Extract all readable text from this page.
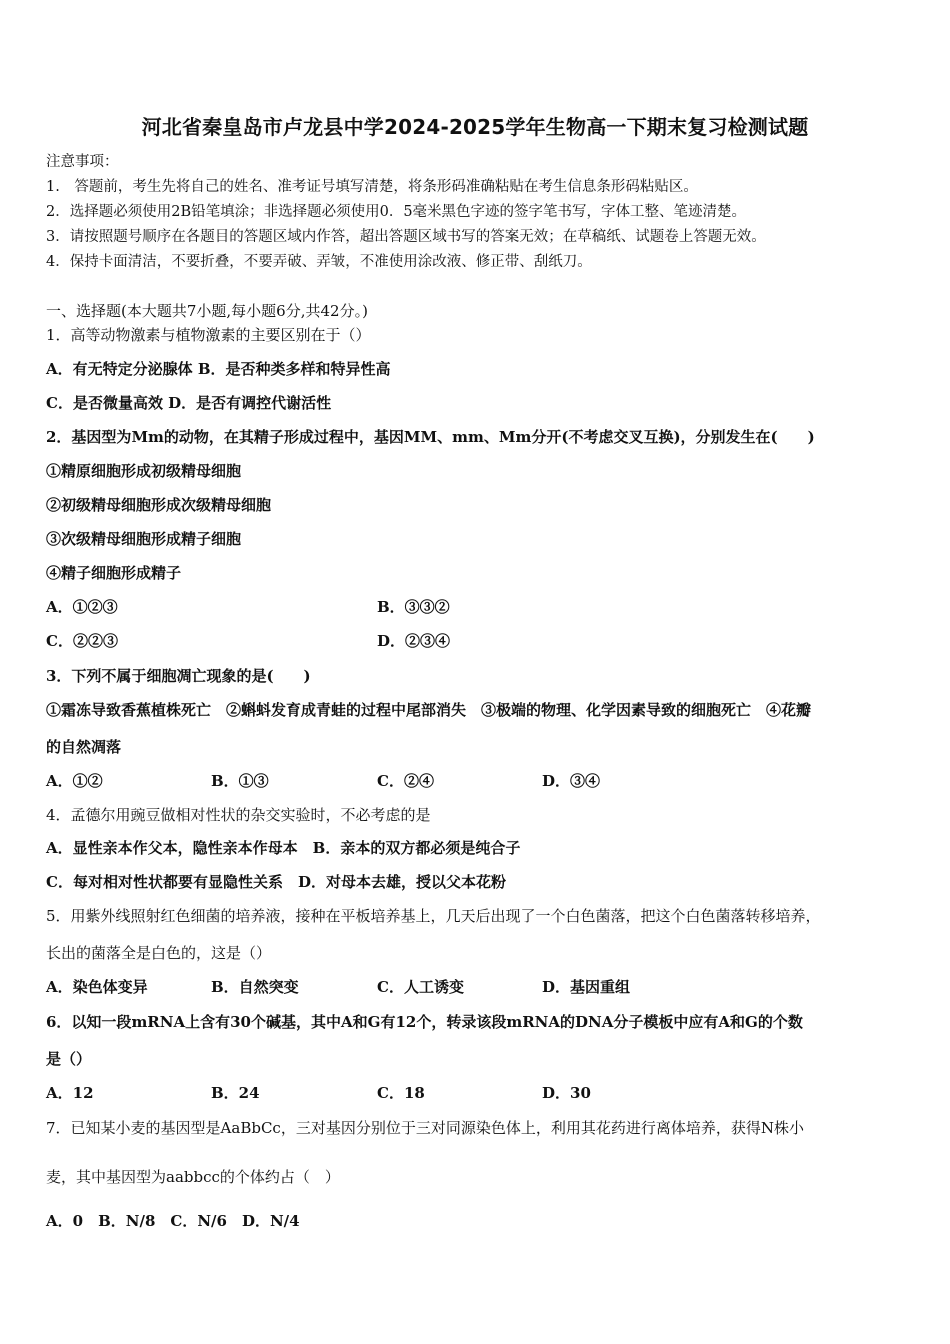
河北省秦皇岛市卢龙县中学2024-2025学年生物高一下期末复习检测试题
注意事项：
1.　答题前，考生先将自己的姓名、准考证号填写清楚，将条形码准确粘贴在考生信息条形码粘贴区。
2．选择题必须使用2B铅笔填涂；非选择题必须使用0．5毫米黑色字迹的签字笔书写，字体工整、笔迹清楚。
3．请按照题号顺序在各题目的答题区域内作答，超出答题区域书写的答案无效；在草稿纸、试题卷上答题无效。
4．保持卡面清洁，不要折叠，不要弄破、弄皱，不准使用涂改液、修正带、刮纸刀。
一、选择题(本大题共7小题,每小题6分,共42分。)
1．高等动物激素与植物激素的主要区别在于（）
A．有无特定分泌腺体 B．是否种类多样和特异性高
C．是否微量高效 D．是否有调控代谢活性
2．基因型为Mm的动物，在其精子形成过程中，基因MM、mm、Mm分开(不考虑交叉互换)，分别发生在(　　)
①精原细胞形成初级精母细胞
②初级精母细胞形成次级精母细胞
③次级精母细胞形成精子细胞
④精子细胞形成精子
A．①②③	B．③③②
C．②②③	D．②③④
3．下列不属于细胞凋亡现象的是(　　)
①霜冻导致香蕉植株死亡　②蝌蚪发育成青蛙的过程中尾部消失　③极端的物理、化学因素导致的细胞死亡　④花瓣
的自然凋落
A．①②	B．①③	C．②④	D．③④
4．孟德尔用豌豆做相对性状的杂交实验时，不必考虑的是
A．显性亲本作父本，隐性亲本作母本　B．亲本的双方都必须是纯合子
C．每对相对性状都要有显隐性关系　D．对母本去雄，授以父本花粉
5．用紫外线照射红色细菌的培养液，接种在平板培养基上，几天后出现了一个白色菌落，把这个白色菌落转移培养，
长出的菌落全是白色的，这是（）
A．染色体变异	B．自然突变	C．人工诱变	D．基因重组
6．以知一段mRNA上含有30个碱基，其中A和G有12个，转录该段mRNA的DNA分子模板中应有A和G的个数
是（）
A．12	B．24	C．18	D．30
7．已知某小麦的基因型是AaBbCc，三对基因分别位于三对同源染色体上，利用其花药进行离体培养，获得N株小
麦，其中基因型为aabbcc的个体约占（　）
A．0　B．N/8　C．N/6　D．N/4
